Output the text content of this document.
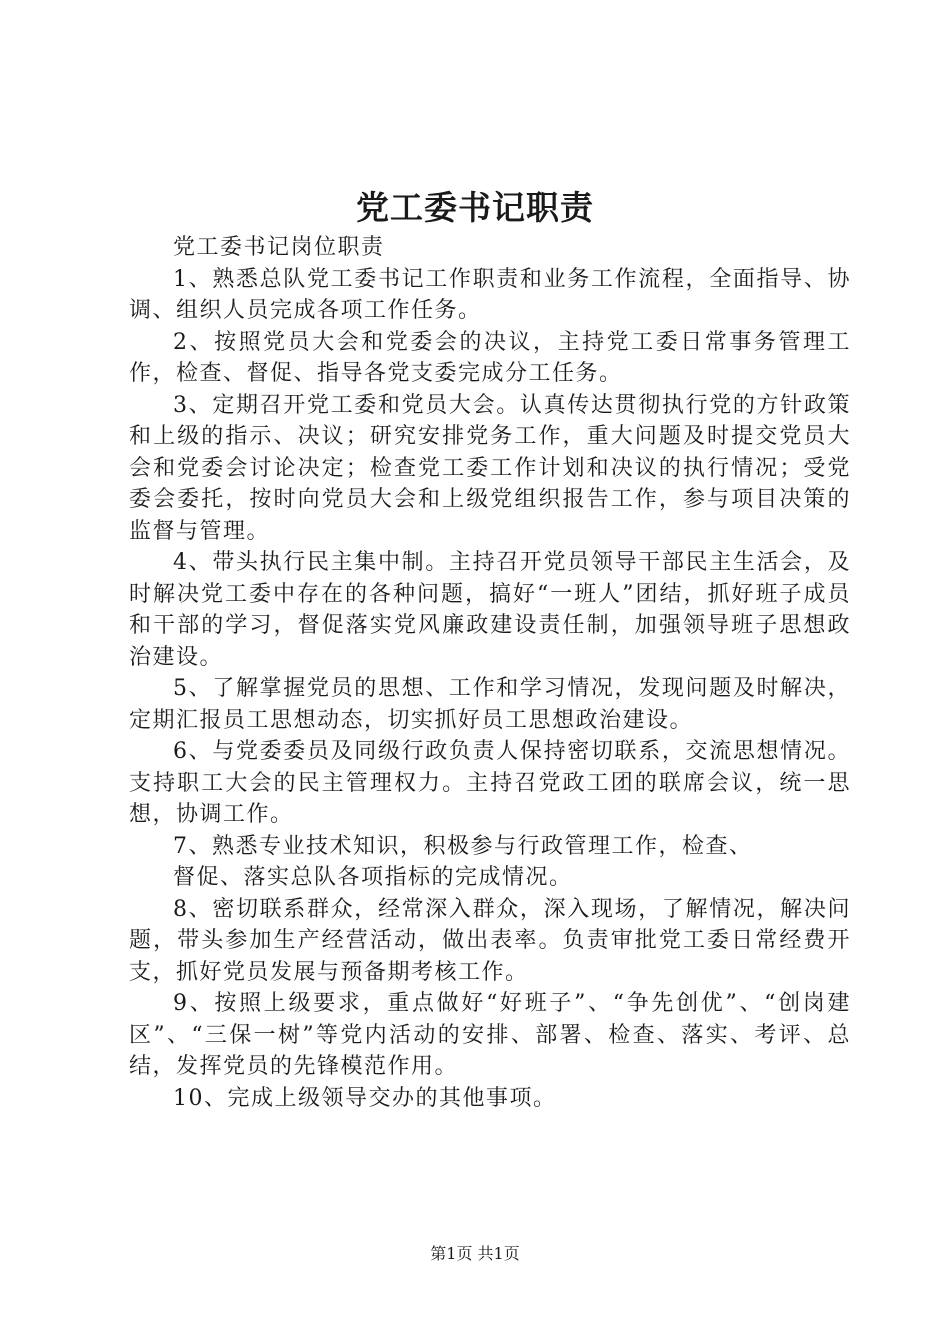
党工委书记职责

党工委书记岗位职责

1、熟悉总队党工委书记工作职责和业务工作流程，全面指导、协调、组织人员完成各项工作任务。

2、按照党员大会和党委会的决议，主持党工委日常事务管理工作，检查、督促、指导各党支委完成分工任务。

3、定期召开党工委和党员大会。认真传达贯彻执行党的方针政策和上级的指示、决议；研究安排党务工作，重大问题及时提交党员大会和党委会讨论决定；检查党工委工作计划和决议的执行情况；受党委会委托，按时向党员大会和上级党组织报告工作，参与项目决策的监督与管理。

4、带头执行民主集中制。主持召开党员领导干部民主生活会，及时解决党工委中存在的各种问题，搞好“一班人”团结，抓好班子成员和干部的学习，督促落实党风廉政建设责任制，加强领导班子思想政治建设。

5、了解掌握党员的思想、工作和学习情况，发现问题及时解决，定期汇报员工思想动态，切实抓好员工思想政治建设。

6、与党委委员及同级行政负责人保持密切联系，交流思想情况。支持职工大会的民主管理权力。主持召党政工团的联席会议，统一思想，协调工作。

7、熟悉专业技术知识，积极参与行政管理工作，检查、

督促、落实总队各项指标的完成情况。

8、密切联系群众，经常深入群众，深入现场，了解情况，解决问题，带头参加生产经营活动，做出表率。负责审批党工委日常经费开支，抓好党员发展与预备期考核工作。

9、按照上级要求，重点做好“好班子”、“争先创优”、“创岗建区”、“三保一树”等党内活动的安排、部署、检查、落实、考评、总结，发挥党员的先锋模范作用。

10、完成上级领导交办的其他事项。

第1页 共1页
